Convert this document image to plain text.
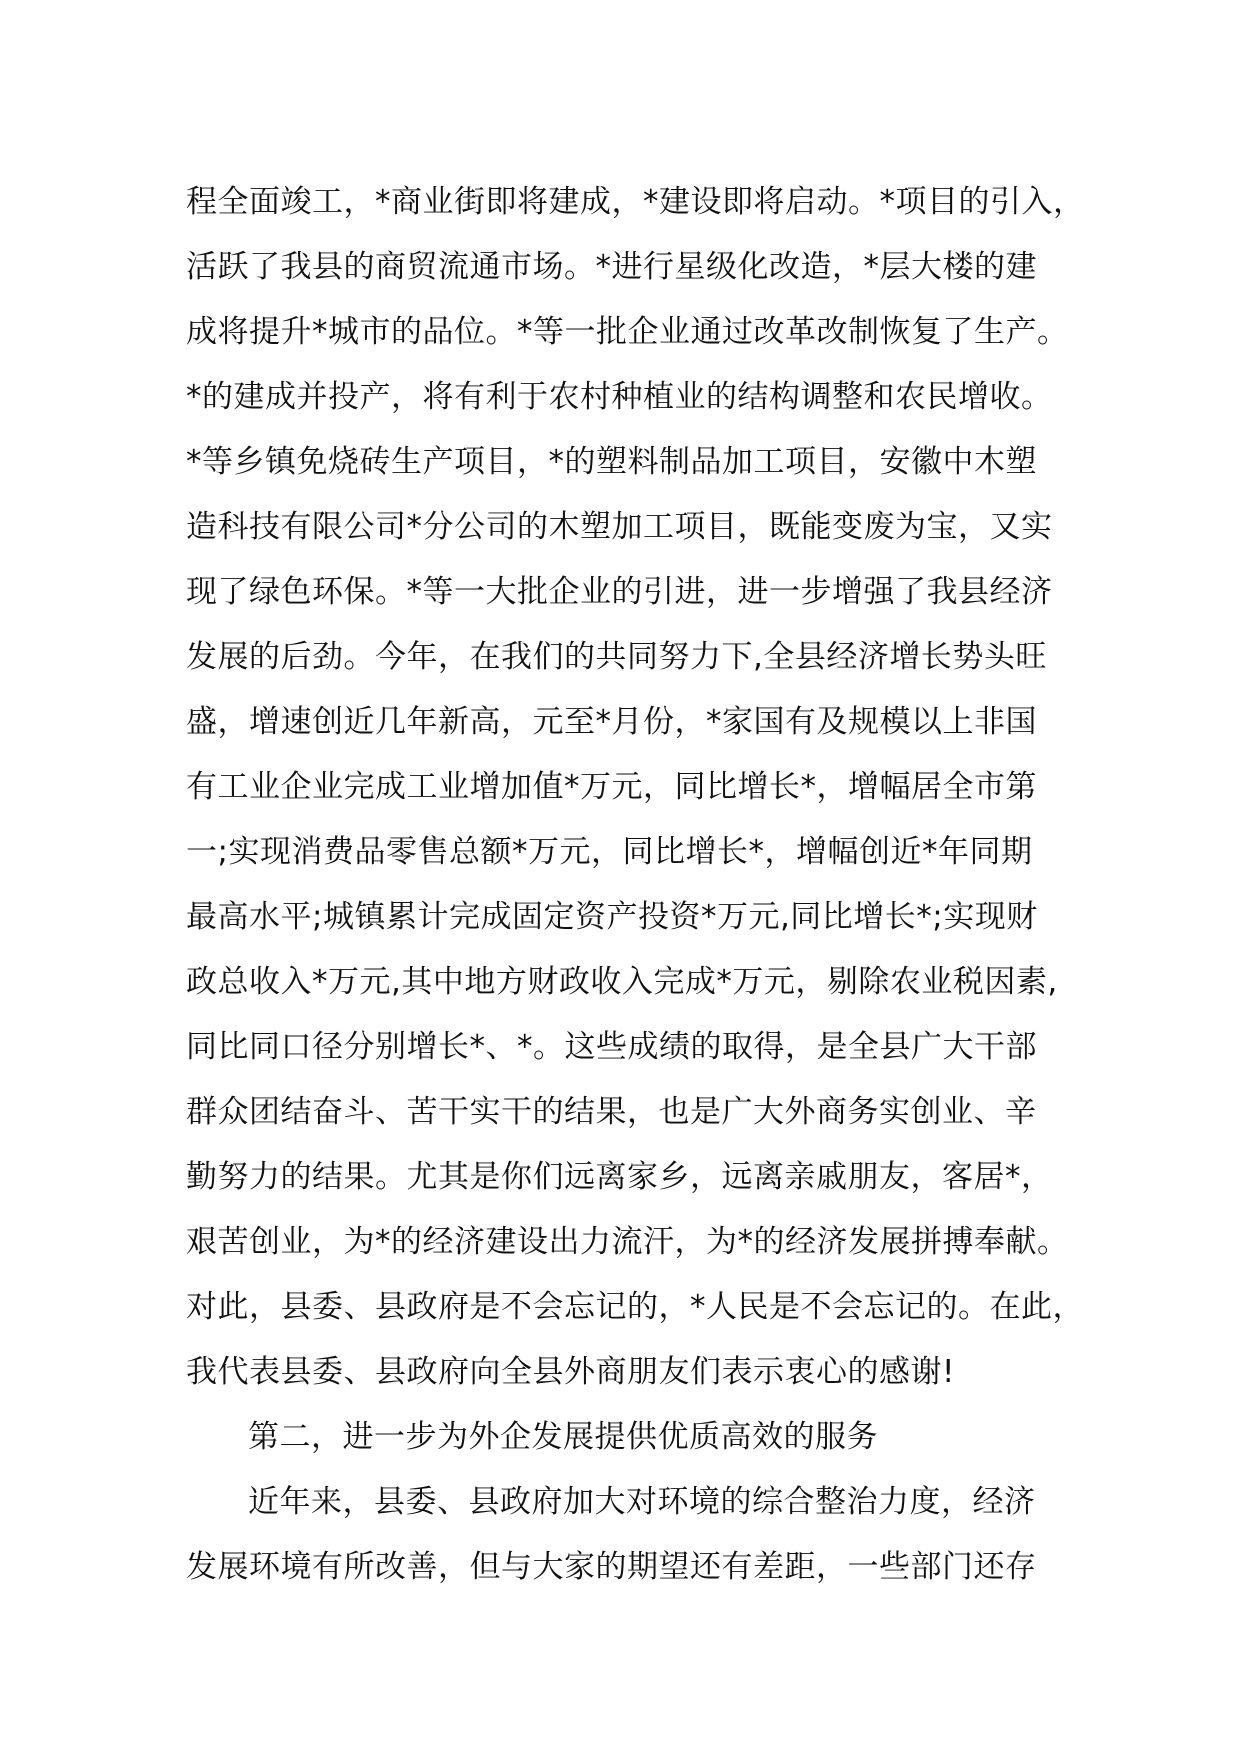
程全面竣工，*商业街即将建成，*建设即将启动。*项目的引入，
活跃了我县的商贸流通市场。*进行星级化改造，*层大楼的建
成将提升*城市的品位。*等一批企业通过改革改制恢复了生产。
*的建成并投产，将有利于农村种植业的结构调整和农民增收。
*等乡镇免烧砖生产项目，*的塑料制品加工项目，安徽中木塑
造科技有限公司*分公司的木塑加工项目，既能变废为宝，又实
现了绿色环保。*等一大批企业的引进，进一步增强了我县经济
发展的后劲。今年，在我们的共同努力下,全县经济增长势头旺
盛，增速创近几年新高，元至*月份，*家国有及规模以上非国
有工业企业完成工业增加值*万元，同比增长*，增幅居全市第
一;实现消费品零售总额*万元，同比增长*，增幅创近*年同期
最高水平;城镇累计完成固定资产投资*万元,同比增长*;实现财
政总收入*万元,其中地方财政收入完成*万元，剔除农业税因素,
同比同口径分别增长*、*。这些成绩的取得，是全县广大干部
群众团结奋斗、苦干实干的结果，也是广大外商务实创业、辛
勤努力的结果。尤其是你们远离家乡，远离亲戚朋友，客居*，
艰苦创业，为*的经济建设出力流汗，为*的经济发展拼搏奉献。
对此，县委、县政府是不会忘记的，*人民是不会忘记的。在此，
我代表县委、县政府向全县外商朋友们表示衷心的感谢!
第二，进一步为外企发展提供优质高效的服务
近年来，县委、县政府加大对环境的综合整治力度，经济
发展环境有所改善，但与大家的期望还有差距，一些部门还存
